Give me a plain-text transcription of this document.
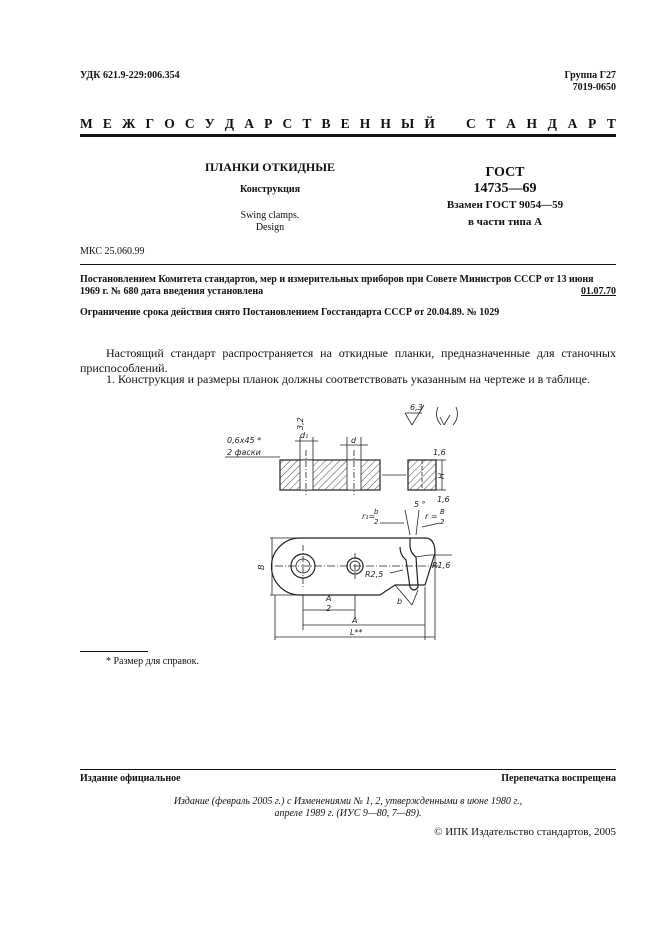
УДК 621.9-229:006.354	Группа Г27
7019-0650
М Е Ж Г О С У Д А Р С Т В Е Н Н Ы Й С Т А Н Д А Р Т
ПЛАНКИ ОТКИДНЫЕ
Конструкция
Swing clamps.
Design
ГОСТ
14735—69
Взамен ГОСТ 9054—59
в части типа А
МКС 25.060.99
Постановлением Комитета стандартов, мер и измерительных приборов при Совете Министров СССР от 13 июня
1969 г. № 680 дата введения установлена	01.07.70
Ограничение срока действия снято Постановлением Госстандарта СССР от 20.04.89. № 1029
Настоящий стандарт распространяется на откидные планки, предназначенные для станочных приспособлений.
1. Конструкция и размеры планок должны соответствовать указанным на чертеже и в таблице.
6,3
0,6x45 *
2 фаски
3,2
d₁
d
1,6
H
1,6
5 °
r₁=
b
2
r = B
2
B
R2,5
R1,6
A
2
b
A
L**
* Размер для справок.
Издание официальное	Перепечатка воспрещена
Издание (февраль 2005 г.) с Изменениями № 1, 2, утвержденными в июне 1980 г.,
апреле 1989 г. (ИУС 9—80, 7—89).
© ИПК Издательство стандартов, 2005
